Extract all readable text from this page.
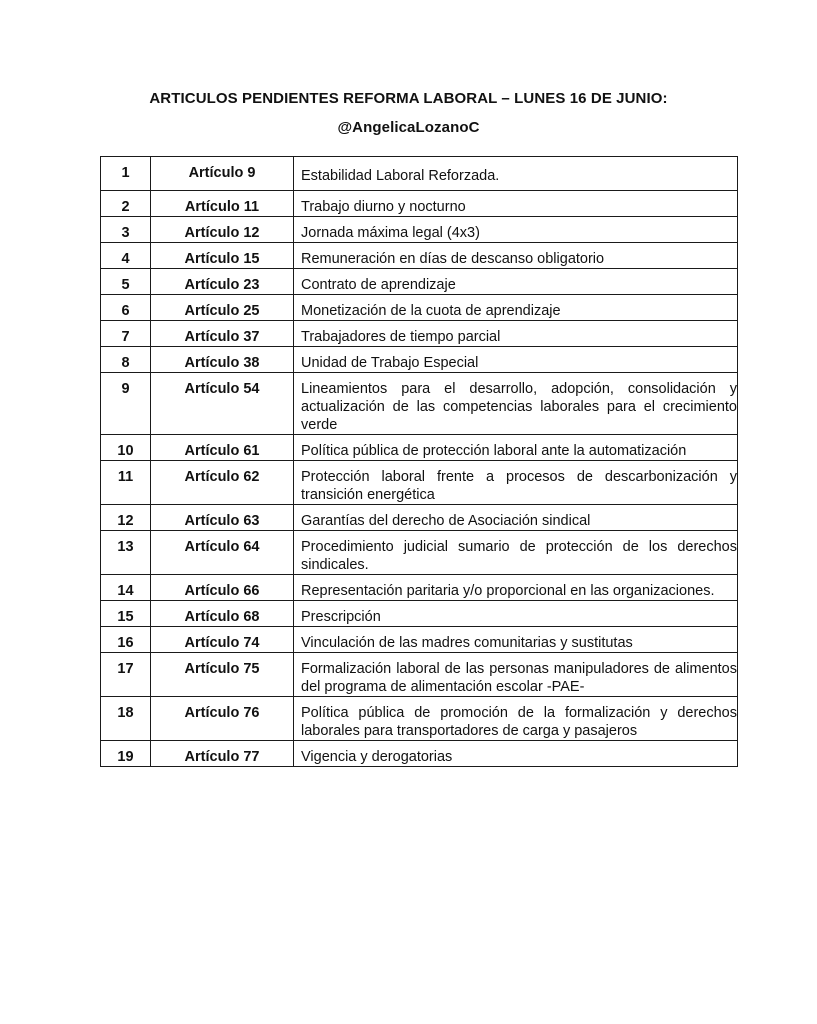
ARTICULOS PENDIENTES REFORMA LABORAL – LUNES 16 DE JUNIO:
@AngelicaLozanoC
1	Artículo 9	Estabilidad Laboral Reforzada.
2	Artículo 11	Trabajo diurno y nocturno
3	Artículo 12	Jornada máxima legal (4x3)
4	Artículo 15	Remuneración en días de descanso obligatorio
5	Artículo 23	Contrato de aprendizaje
6	Artículo 25	Monetización de la cuota de aprendizaje
7	Artículo 37	Trabajadores de tiempo parcial
8	Artículo 38	Unidad de Trabajo Especial
9	Artículo 54	Lineamientos para el desarrollo, adopción, consolidación y actualización de las competencias laborales para el crecimiento verde
10	Artículo 61	Política pública de protección laboral ante la automatización
11	Artículo 62	Protección laboral frente a procesos de descarbonización y transición energética
12	Artículo 63	Garantías del derecho de Asociación sindical
13	Artículo 64	Procedimiento judicial sumario de protección de los derechos sindicales.
14	Artículo 66	Representación paritaria y/o proporcional en las organizaciones.
15	Artículo 68	Prescripción
16	Artículo 74	Vinculación de las madres comunitarias y sustitutas
17	Artículo 75	Formalización laboral de las personas manipuladores de alimentos del programa de alimentación escolar -PAE-
18	Artículo 76	Política pública de promoción de la formalización y derechos laborales para transportadores de carga y pasajeros
19	Artículo 77	Vigencia y derogatorias
